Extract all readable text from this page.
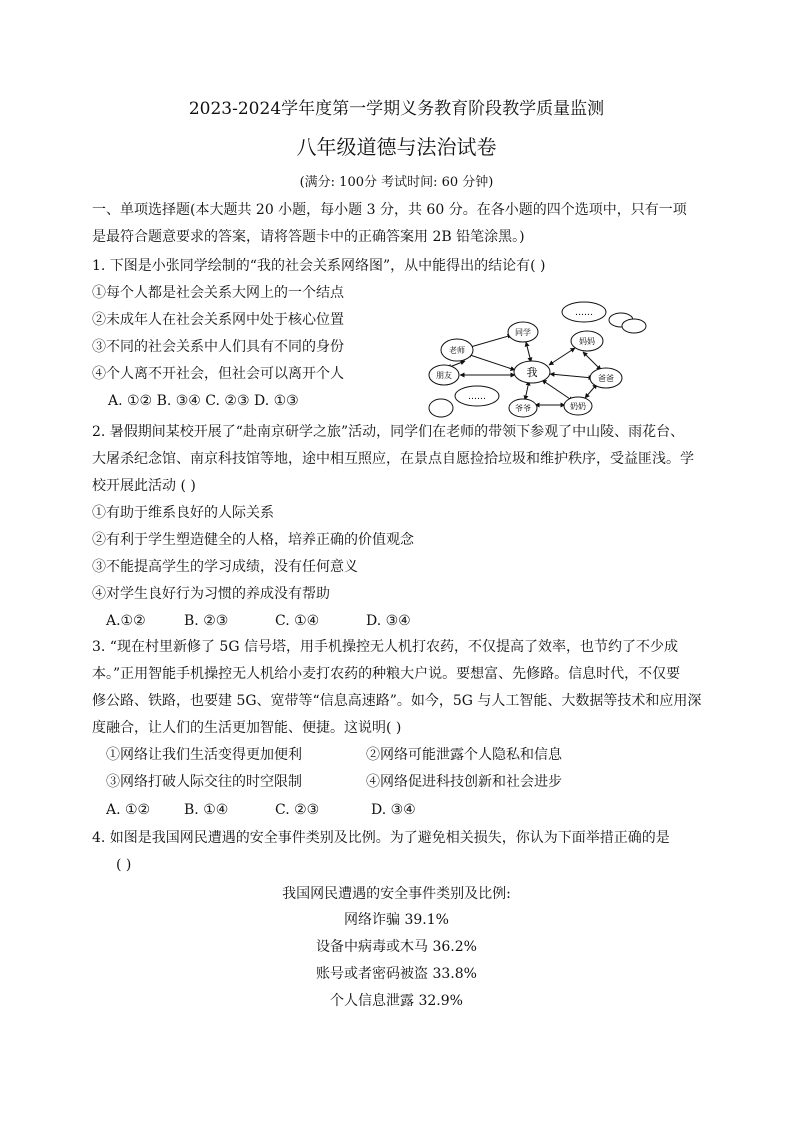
2023-2024学年度第一学期义务教育阶段教学质量监测
八年级道德与法治试卷
(满分: 100分 考试时间: 60 分钟)
一、单项选择题(本大题共 20 小题，每小题 3 分，共 60 分。在各小题的四个选项中，只有一项
是最符合题意要求的答案，请将答题卡中的正确答案用 2B 铅笔涂黑。)
1. 下图是小张同学绘制的“我的社会关系网络图”，从中能得出的结论有( )
①每个人都是社会关系大网上的一个结点
②未成年人在社会关系网中处于核心位置
③不同的社会关系中人们具有不同的身份
④个人离不开社会，但社会可以离开个人
A. ①② B. ③④ C. ②③ D. ①③
……
……
我
同学
老师
朋友
妈妈
爸爸
爷爷	奶奶
2. 暑假期间某校开展了“赴南京研学之旅”活动，同学们在老师的带领下参观了中山陵、雨花台、
大屠杀纪念馆、南京科技馆等地，途中相互照应，在景点自愿捡拾垃圾和维护秩序，受益匪浅。学
校开展此活动 ( )
①有助于维系良好的人际关系
②有利于学生塑造健全的人格，培养正确的价值观念
③不能提高学生的学习成绩，没有任何意义
④对学生良好行为习惯的养成没有帮助
A.①②	B. ②③	C. ①④	D. ③④
3. “现在村里新修了 5G 信号塔，用手机操控无人机打农药，不仅提高了效率，也节约了不少成
本。”正用智能手机操控无人机给小麦打农药的种粮大户说。要想富、先修路。信息时代，不仅要
修公路、铁路，也要建 5G、宽带等“信息高速路”。如今，5G 与人工智能、大数据等技术和应用深
度融合，让人们的生活更加智能、便捷。这说明( )
①网络让我们生活变得更加便利	②网络可能泄露个人隐私和信息
③网络打破人际交往的时空限制	④网络促进科技创新和社会进步
A. ①② B. ①④	C. ②③	D. ③④
4. 如图是我国网民遭遇的安全事件类别及比例。为了避免相关损失，你认为下面举措正确的是
( )
我国网民遭遇的安全事件类别及比例:
网络诈骗 39.1%
设备中病毒或木马 36.2%
账号或者密码被盗 33.8%
个人信息泄露 32.9%
